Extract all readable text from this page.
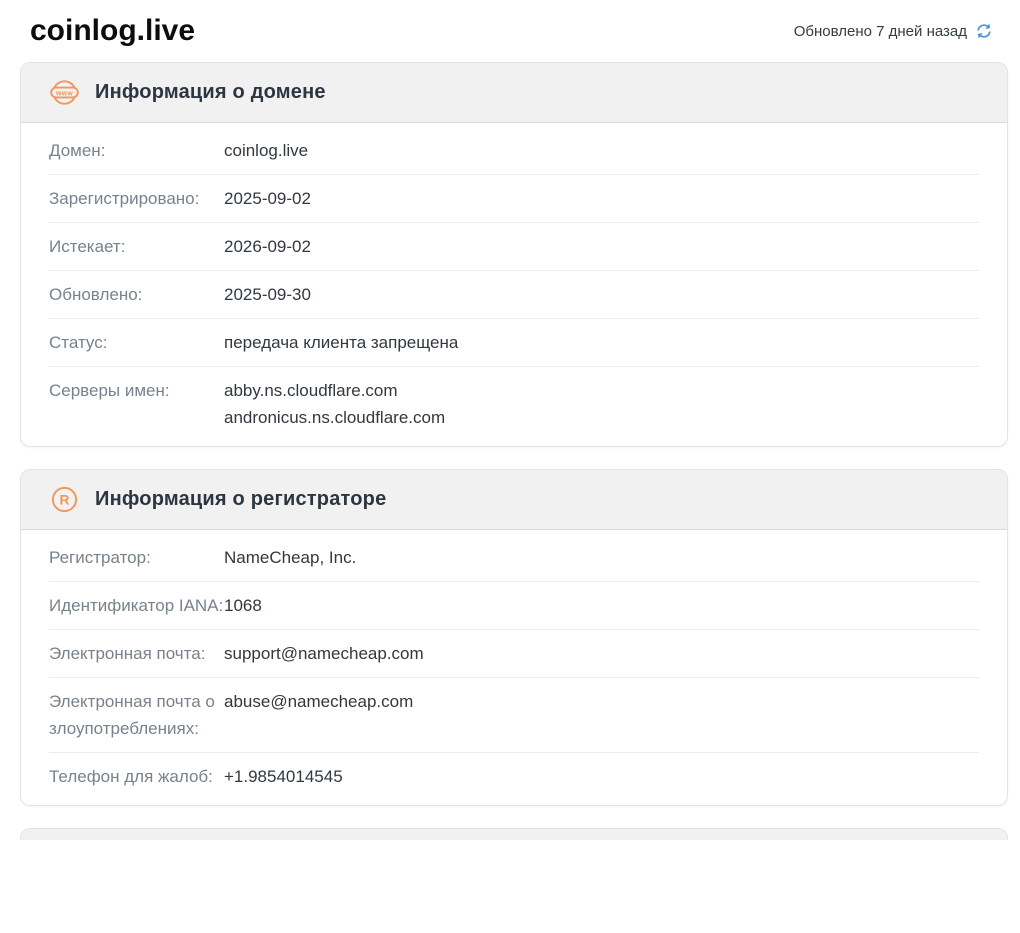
coinlog.live	Обновлено 7 дней назад
www Информация о домене
Домен:	coinlog.live
Зарегистрировано:	2025-09-02
Истекает:	2026-09-02
Обновлено:	2025-09-30
Статус:	передача клиента запрещена
Серверы имен:	abby.ns.cloudflare.com
andronicus.ns.cloudflare.com
R Информация о регистраторе
Регистратор:	NameCheap, Inc.
Идентификатор IANA: 1068
Электронная почта:	support@namecheap.com
Электронная почта о злоупотреблениях:
abuse@namecheap.com
Телефон для жалоб: +1.9854014545
